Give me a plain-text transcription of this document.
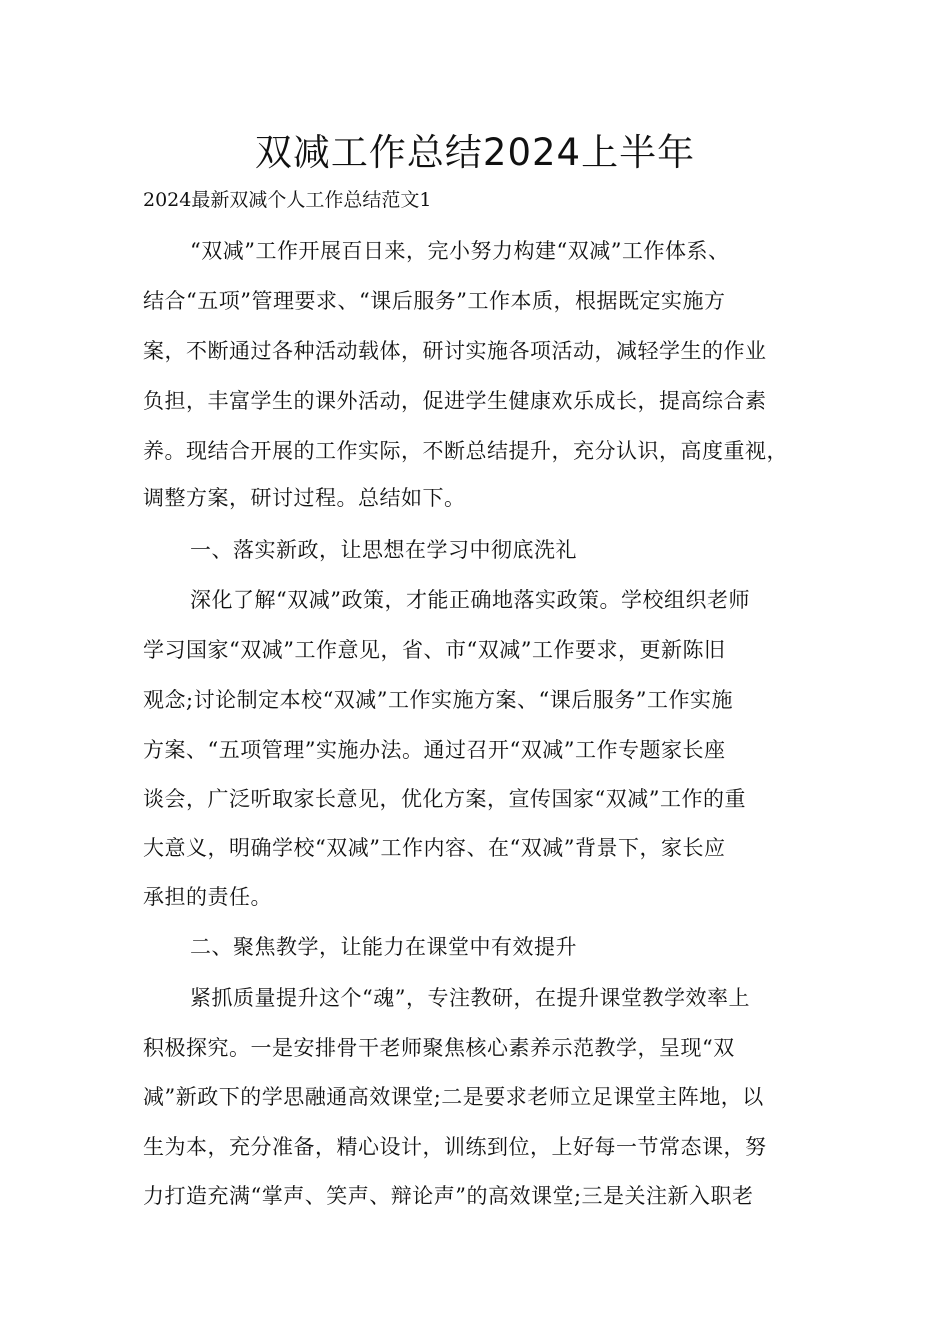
双减工作总结2024上半年
2024最新双减个人工作总结范文1
“双减”工作开展百日来，完小努力构建“双减”工作体系、
结合“五项”管理要求、“课后服务”工作本质，根据既定实施方
案，不断通过各种活动载体，研讨实施各项活动，减轻学生的作业
负担，丰富学生的课外活动，促进学生健康欢乐成长，提高综合素
养。现结合开展的工作实际，不断总结提升，充分认识，高度重视，
调整方案，研讨过程。总结如下。
一、落实新政，让思想在学习中彻底洗礼
深化了解“双减”政策，才能正确地落实政策。学校组织老师
学习国家“双减”工作意见，省、市“双减”工作要求，更新陈旧
观念;讨论制定本校“双减”工作实施方案、“课后服务”工作实施
方案、“五项管理”实施办法。通过召开“双减”工作专题家长座
谈会，广泛听取家长意见，优化方案，宣传国家“双减”工作的重
大意义，明确学校“双减”工作内容、在“双减”背景下，家长应
承担的责任。
二、聚焦教学，让能力在课堂中有效提升
紧抓质量提升这个“魂”，专注教研，在提升课堂教学效率上
积极探究。一是安排骨干老师聚焦核心素养示范教学，呈现“双
减”新政下的学思融通高效课堂;二是要求老师立足课堂主阵地，以
生为本，充分准备，精心设计，训练到位，上好每一节常态课，努
力打造充满“掌声、笑声、辩论声”的高效课堂;三是关注新入职老
